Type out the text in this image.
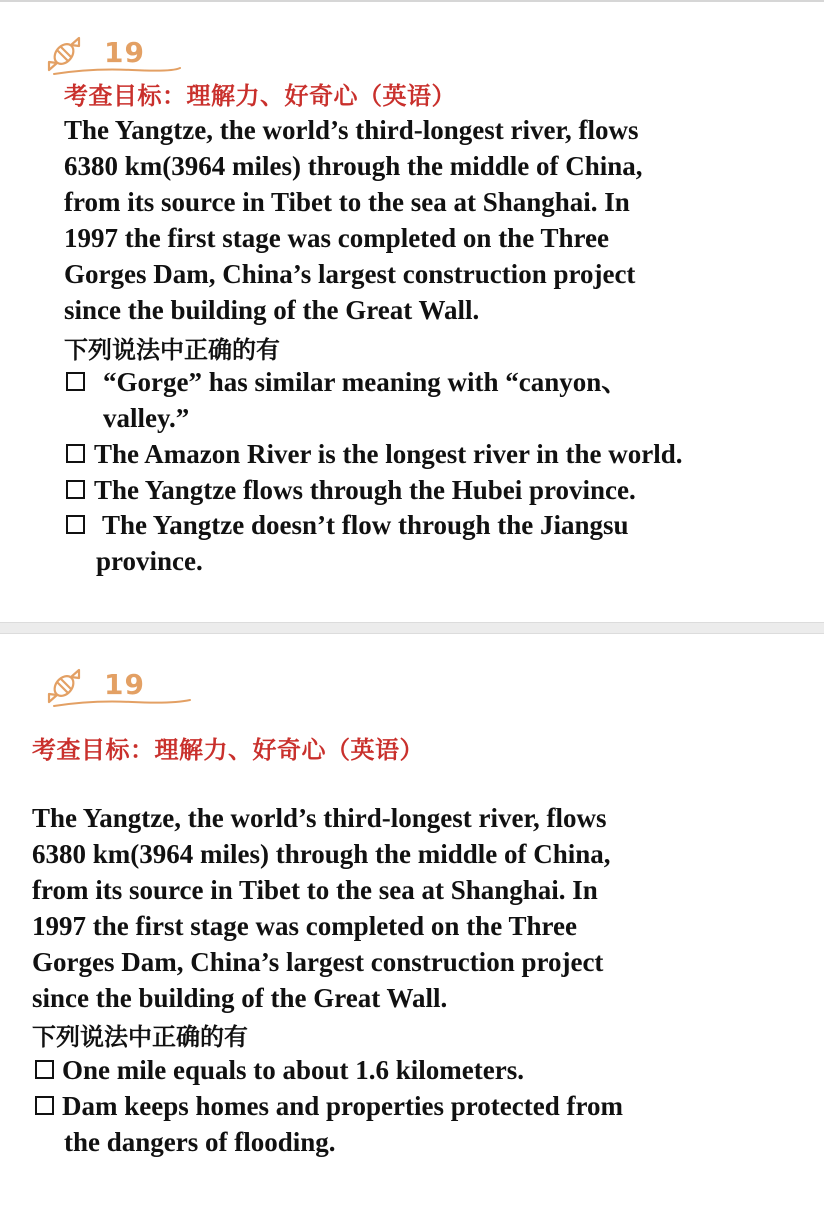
19
考查目标：理解力、好奇心（英语）

The Yangtze, the world’s third-longest river, flows
6380 km(3964 miles) through the middle of China,
from its source in Tibet to the sea at Shanghai. In
1997 the first stage was completed on the Three
Gorges Dam, China’s largest construction project
since the building of the Great Wall.

下列说法中正确的有
“Gorge” has similar meaning with “canyon、
valley.”
The Amazon River is the longest river in the world.
The Yangtze flows through the Hubei province.
The Yangtze doesn’t flow through the Jiangsu
province.
19
考查目标：理解力、好奇心（英语）

The Yangtze, the world’s third-longest river, flows
6380 km(3964 miles) through the middle of China,
from its source in Tibet to the sea at Shanghai. In
1997 the first stage was completed on the Three
Gorges Dam, China’s largest construction project
since the building of the Great Wall.

下列说法中正确的有
One mile equals to about 1.6 kilometers.
Dam keeps homes and properties protected from
the dangers of flooding.
